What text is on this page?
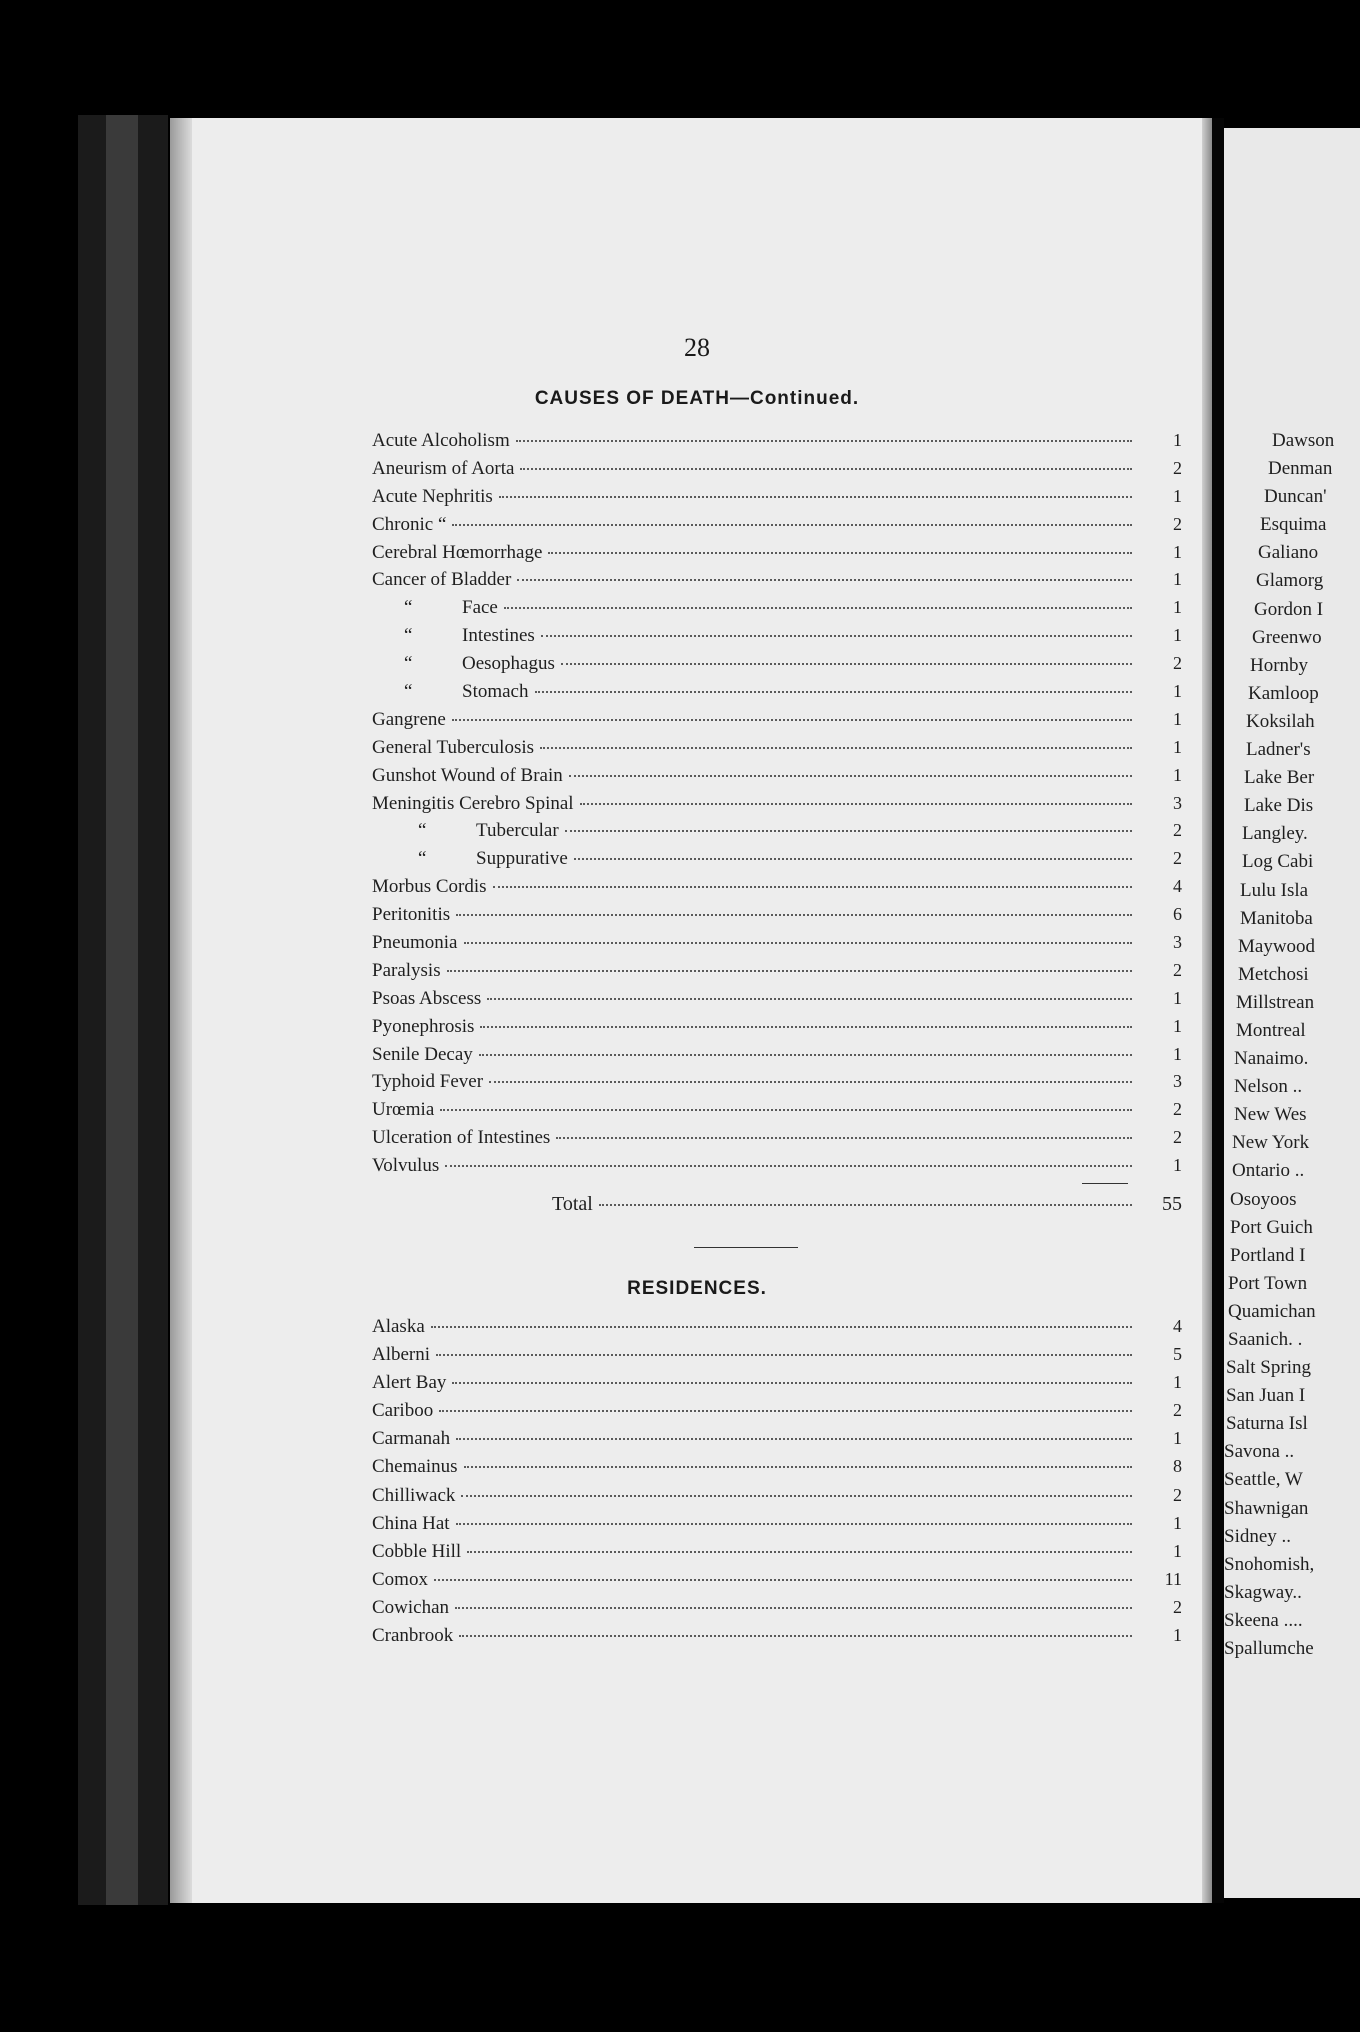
28
CAUSES OF DEATH—Continued.
Acute Alcoholism	1
Aneurism of Aorta	2
Acute Nephritis	1
Chronic “	2
Cerebral Hœmorrhage	1
Cancer of Bladder	1
“	Face	1
“	Intestines	1
“	Oesophagus	2
“	Stomach	1
Gangrene	1
General Tuberculosis	1
Gunshot Wound of Brain	1
Meningitis Cerebro Spinal	3
“	Tubercular	2
“	Suppurative	2
Morbus Cordis	4
Peritonitis	6
Pneumonia	3
Paralysis	2
Psoas Abscess	1
Pyonephrosis	1
Senile Decay	1
Typhoid Fever	3
Urœmia	2
Ulceration of Intestines	2
Volvulus	1
Total	55
RESIDENCES.
Alaska	4
Alberni	5
Alert Bay	1
Cariboo	2
Carmanah	1
Chemainus	8
Chilliwack	2
China Hat	1
Cobble Hill	1
Comox	11
Cowichan	2
Cranbrook	1
Dawson
Denman
Duncan'
Esquima
Galiano
Glamorg
Gordon I
Greenwo
Hornby
Kamloop
Koksilah
Ladner's
Lake Ber
Lake Dis
Langley.
Log Cabi
Lulu Isla
Manitoba
Maywood
Metchosi
Millstrean
Montreal
Nanaimo.
Nelson ..
New Wes
New York
Ontario ..
Osoyoos
Port Guich
Portland I
Port Town
Quamichan
Saanich. .
Salt Spring
San Juan I
Saturna Isl
Savona ..
Seattle, W
Shawnigan
Sidney ..
Snohomish,
Skagway..
Skeena ....
Spallumche
